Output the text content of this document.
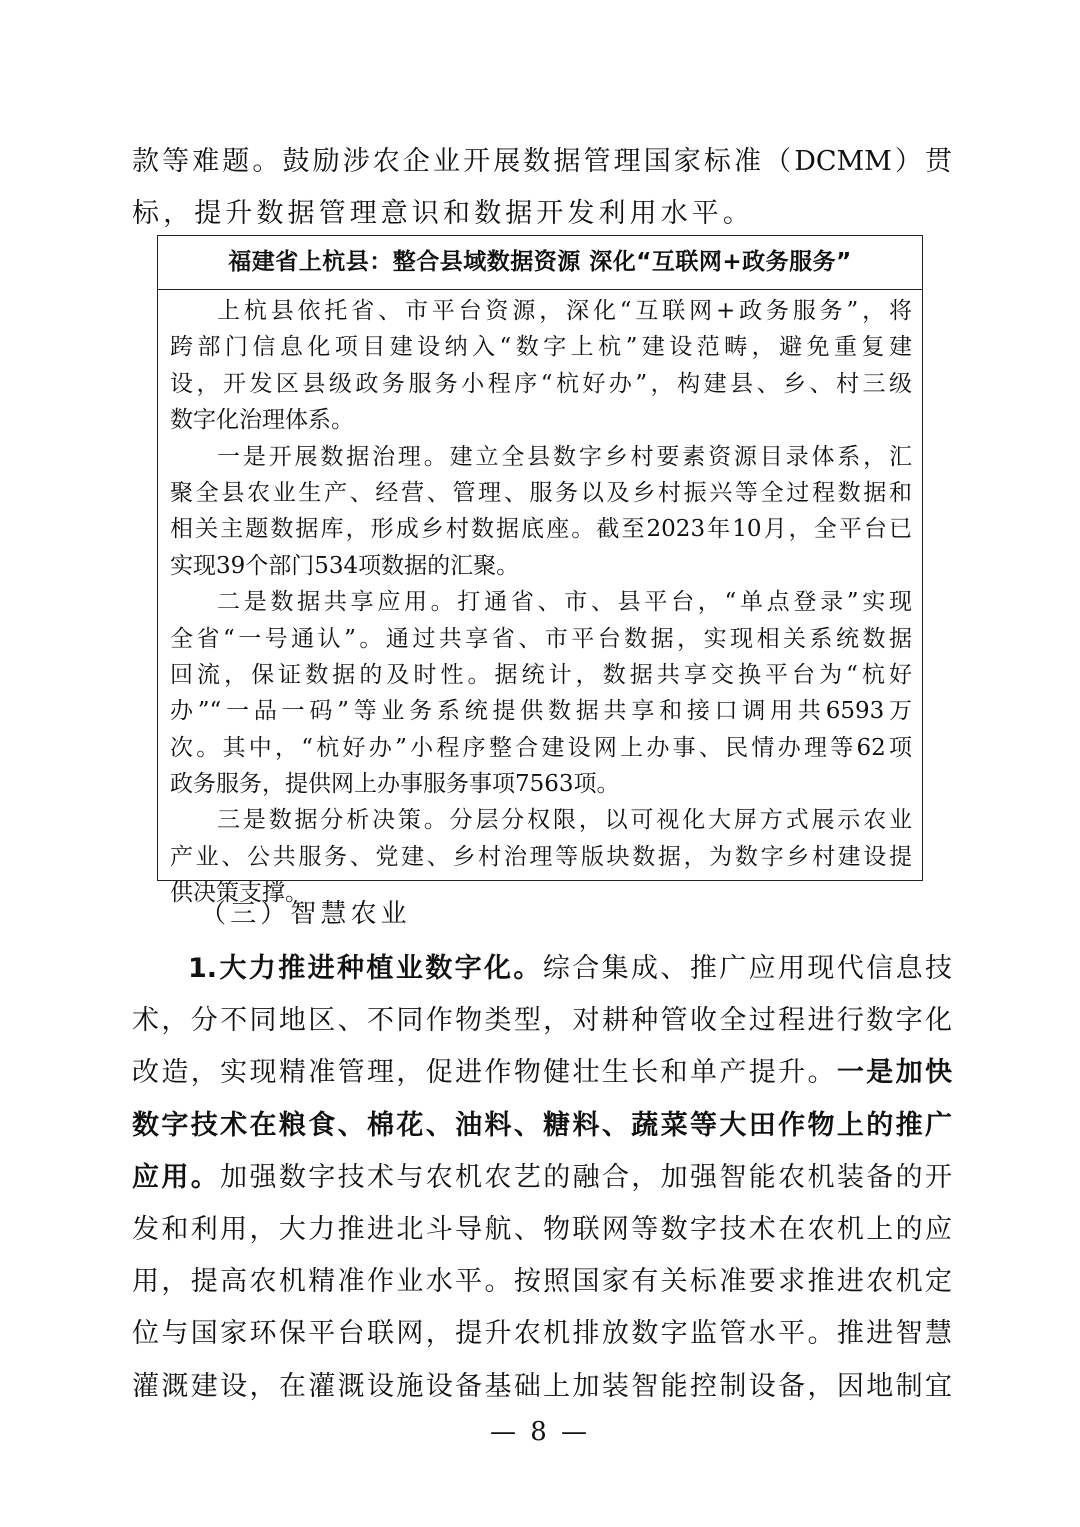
款等难题。鼓励涉农企业开展数据管理国家标准（DCMM）贯
标，提升数据管理意识和数据开发利用水平。
福建省上杭县：整合县域数据资源 深化“互联网+政务服务”
上杭县依托省、市平台资源，深化“互联网+政务服务”，将
跨部门信息化项目建设纳入“数字上杭”建设范畴，避免重复建
设，开发区县级政务服务小程序“杭好办”，构建县、乡、村三级
数字化治理体系。
一是开展数据治理。建立全县数字乡村要素资源目录体系，汇
聚全县农业生产、经营、管理、服务以及乡村振兴等全过程数据和
相关主题数据库，形成乡村数据底座。截至2023年10月，全平台已
实现39个部门534项数据的汇聚。
二是数据共享应用。打通省、市、县平台，“单点登录”实现
全省“一号通认”。通过共享省、市平台数据，实现相关系统数据
回流，保证数据的及时性。据统计，数据共享交换平台为“杭好
办”“一品一码”等业务系统提供数据共享和接口调用共6593万
次。其中，“杭好办”小程序整合建设网上办事、民情办理等62项
政务服务，提供网上办事服务事项7563项。
三是数据分析决策。分层分权限，以可视化大屏方式展示农业
产业、公共服务、党建、乡村治理等版块数据，为数字乡村建设提
供决策支撑。
（三）智慧农业
1.大力推进种植业数字化。综合集成、推广应用现代信息技
术，分不同地区、不同作物类型，对耕种管收全过程进行数字化
改造，实现精准管理，促进作物健壮生长和单产提升。一是加快
数字技术在粮食、棉花、油料、糖料、蔬菜等大田作物上的推广
应用。加强数字技术与农机农艺的融合，加强智能农机装备的开
发和利用，大力推进北斗导航、物联网等数字技术在农机上的应
用，提高农机精准作业水平。按照国家有关标准要求推进农机定
位与国家环保平台联网，提升农机排放数字监管水平。推进智慧
灌溉建设，在灌溉设施设备基础上加装智能控制设备，因地制宜
— 8 —
